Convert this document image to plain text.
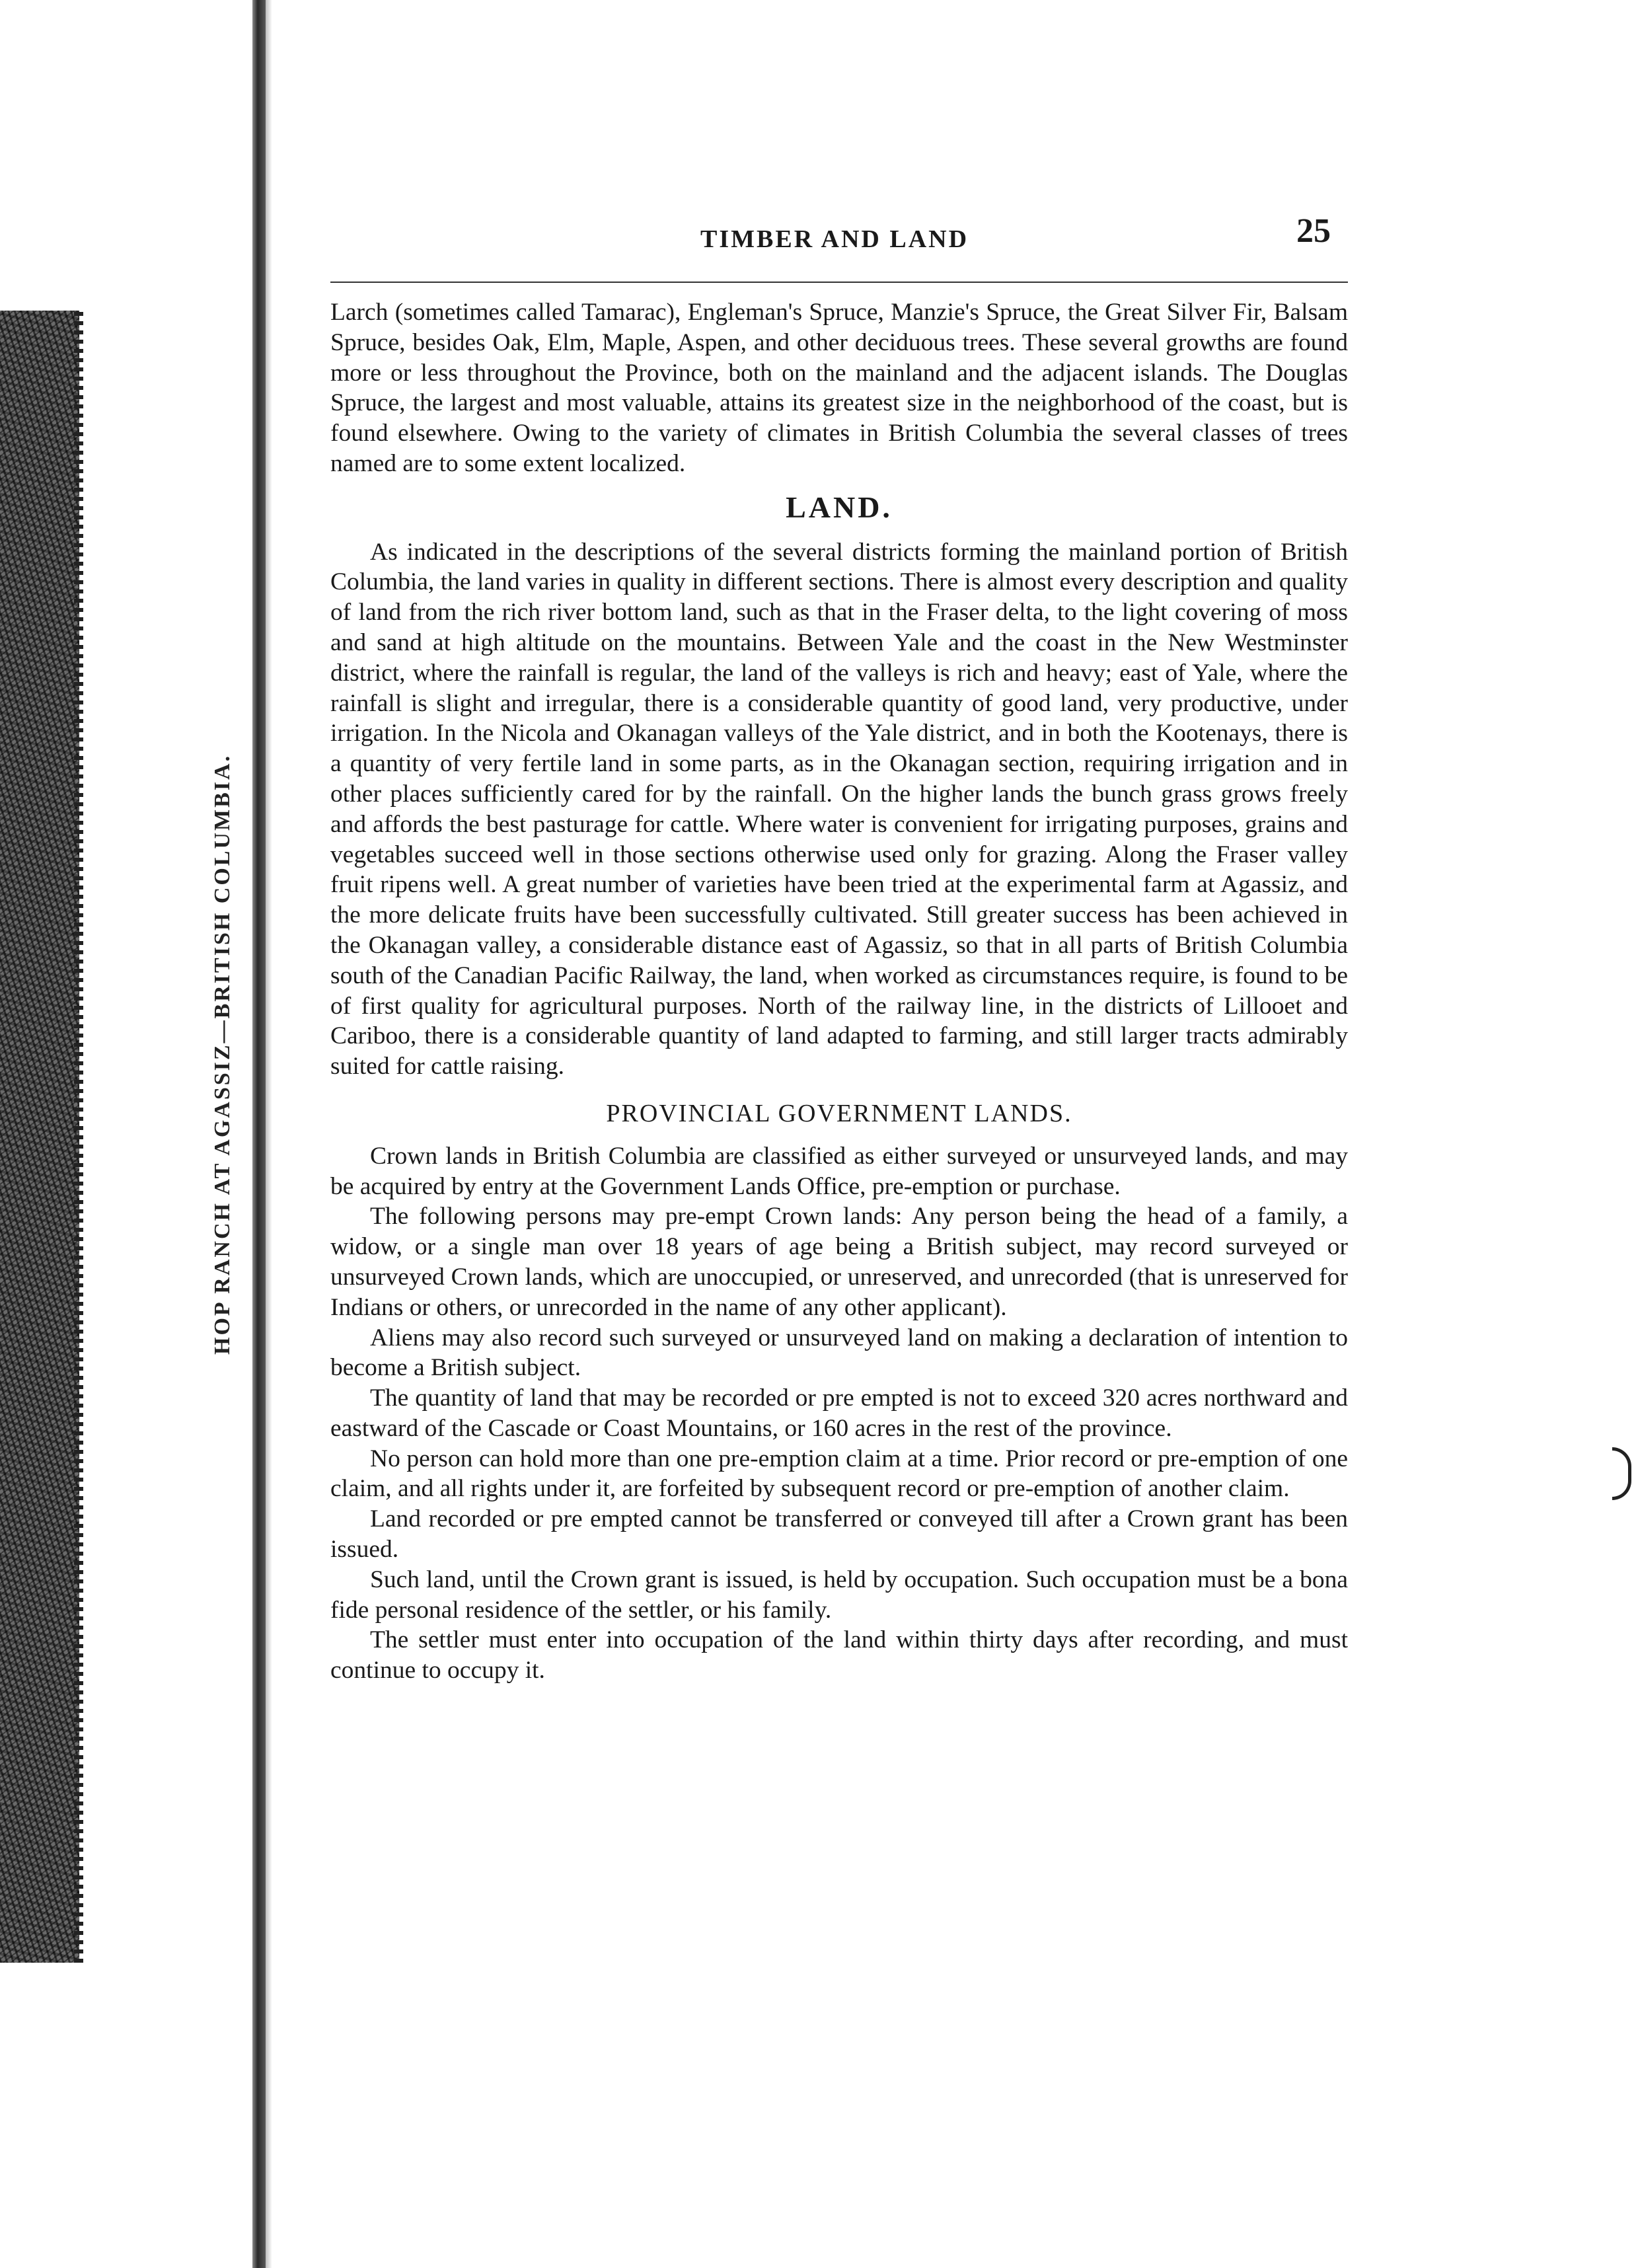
HOP RANCH AT AGASSIZ—BRITISH COLUMBIA.
TIMBER AND LAND	25

Larch (sometimes called Tamarac), Engleman's Spruce, Manzie's Spruce, the Great Silver Fir, Balsam Spruce, besides Oak, Elm, Maple, Aspen, and other deciduous trees. These several growths are found more or less throughout the Province, both on the mainland and the adjacent islands. The Douglas Spruce, the largest and most valuable, attains its greatest size in the neighborhood of the coast, but is found elsewhere. Owing to the variety of climates in British Columbia the several classes of trees named are to some extent localized.

LAND.

As indicated in the descriptions of the several districts forming the mainland portion of British Columbia, the land varies in quality in different sections. There is almost every description and quality of land from the rich river bottom land, such as that in the Fraser delta, to the light covering of moss and sand at high altitude on the mountains. Between Yale and the coast in the New Westminster district, where the rainfall is regular, the land of the valleys is rich and heavy; east of Yale, where the rainfall is slight and irregular, there is a considerable quantity of good land, very productive, under irrigation. In the Nicola and Okanagan valleys of the Yale district, and in both the Kootenays, there is a quantity of very fertile land in some parts, as in the Okanagan section, requiring irrigation and in other places sufficiently cared for by the rainfall. On the higher lands the bunch grass grows freely and affords the best pasturage for cattle. Where water is convenient for irrigating purposes, grains and vegetables succeed well in those sections otherwise used only for grazing. Along the Fraser valley fruit ripens well. A great number of varieties have been tried at the experimental farm at Agassiz, and the more delicate fruits have been successfully cultivated. Still greater success has been achieved in the Okanagan valley, a considerable distance east of Agassiz, so that in all parts of British Columbia south of the Canadian Pacific Railway, the land, when worked as circumstances require, is found to be of first quality for agricultural purposes. North of the railway line, in the districts of Lillooet and Cariboo, there is a considerable quantity of land adapted to farming, and still larger tracts admirably suited for cattle raising.

PROVINCIAL GOVERNMENT LANDS.

Crown lands in British Columbia are classified as either surveyed or unsurveyed lands, and may be acquired by entry at the Government Lands Office, pre-emption or purchase.

The following persons may pre-empt Crown lands: Any person being the head of a family, a widow, or a single man over 18 years of age being a British subject, may record surveyed or unsurveyed Crown lands, which are unoccupied, or unreserved, and unrecorded (that is unreserved for Indians or others, or unrecorded in the name of any other applicant).

Aliens may also record such surveyed or unsurveyed land on making a declaration of intention to become a British subject.

The quantity of land that may be recorded or pre empted is not to exceed 320 acres northward and eastward of the Cascade or Coast Mountains, or 160 acres in the rest of the province.

No person can hold more than one pre-emption claim at a time. Prior record or pre-emption of one claim, and all rights under it, are forfeited by subsequent record or pre-emption of another claim.

Land recorded or pre empted cannot be transferred or conveyed till after a Crown grant has been issued.

Such land, until the Crown grant is issued, is held by occupation. Such occupation must be a bona fide personal residence of the settler, or his family.

The settler must enter into occupation of the land within thirty days after recording, and must continue to occupy it.
